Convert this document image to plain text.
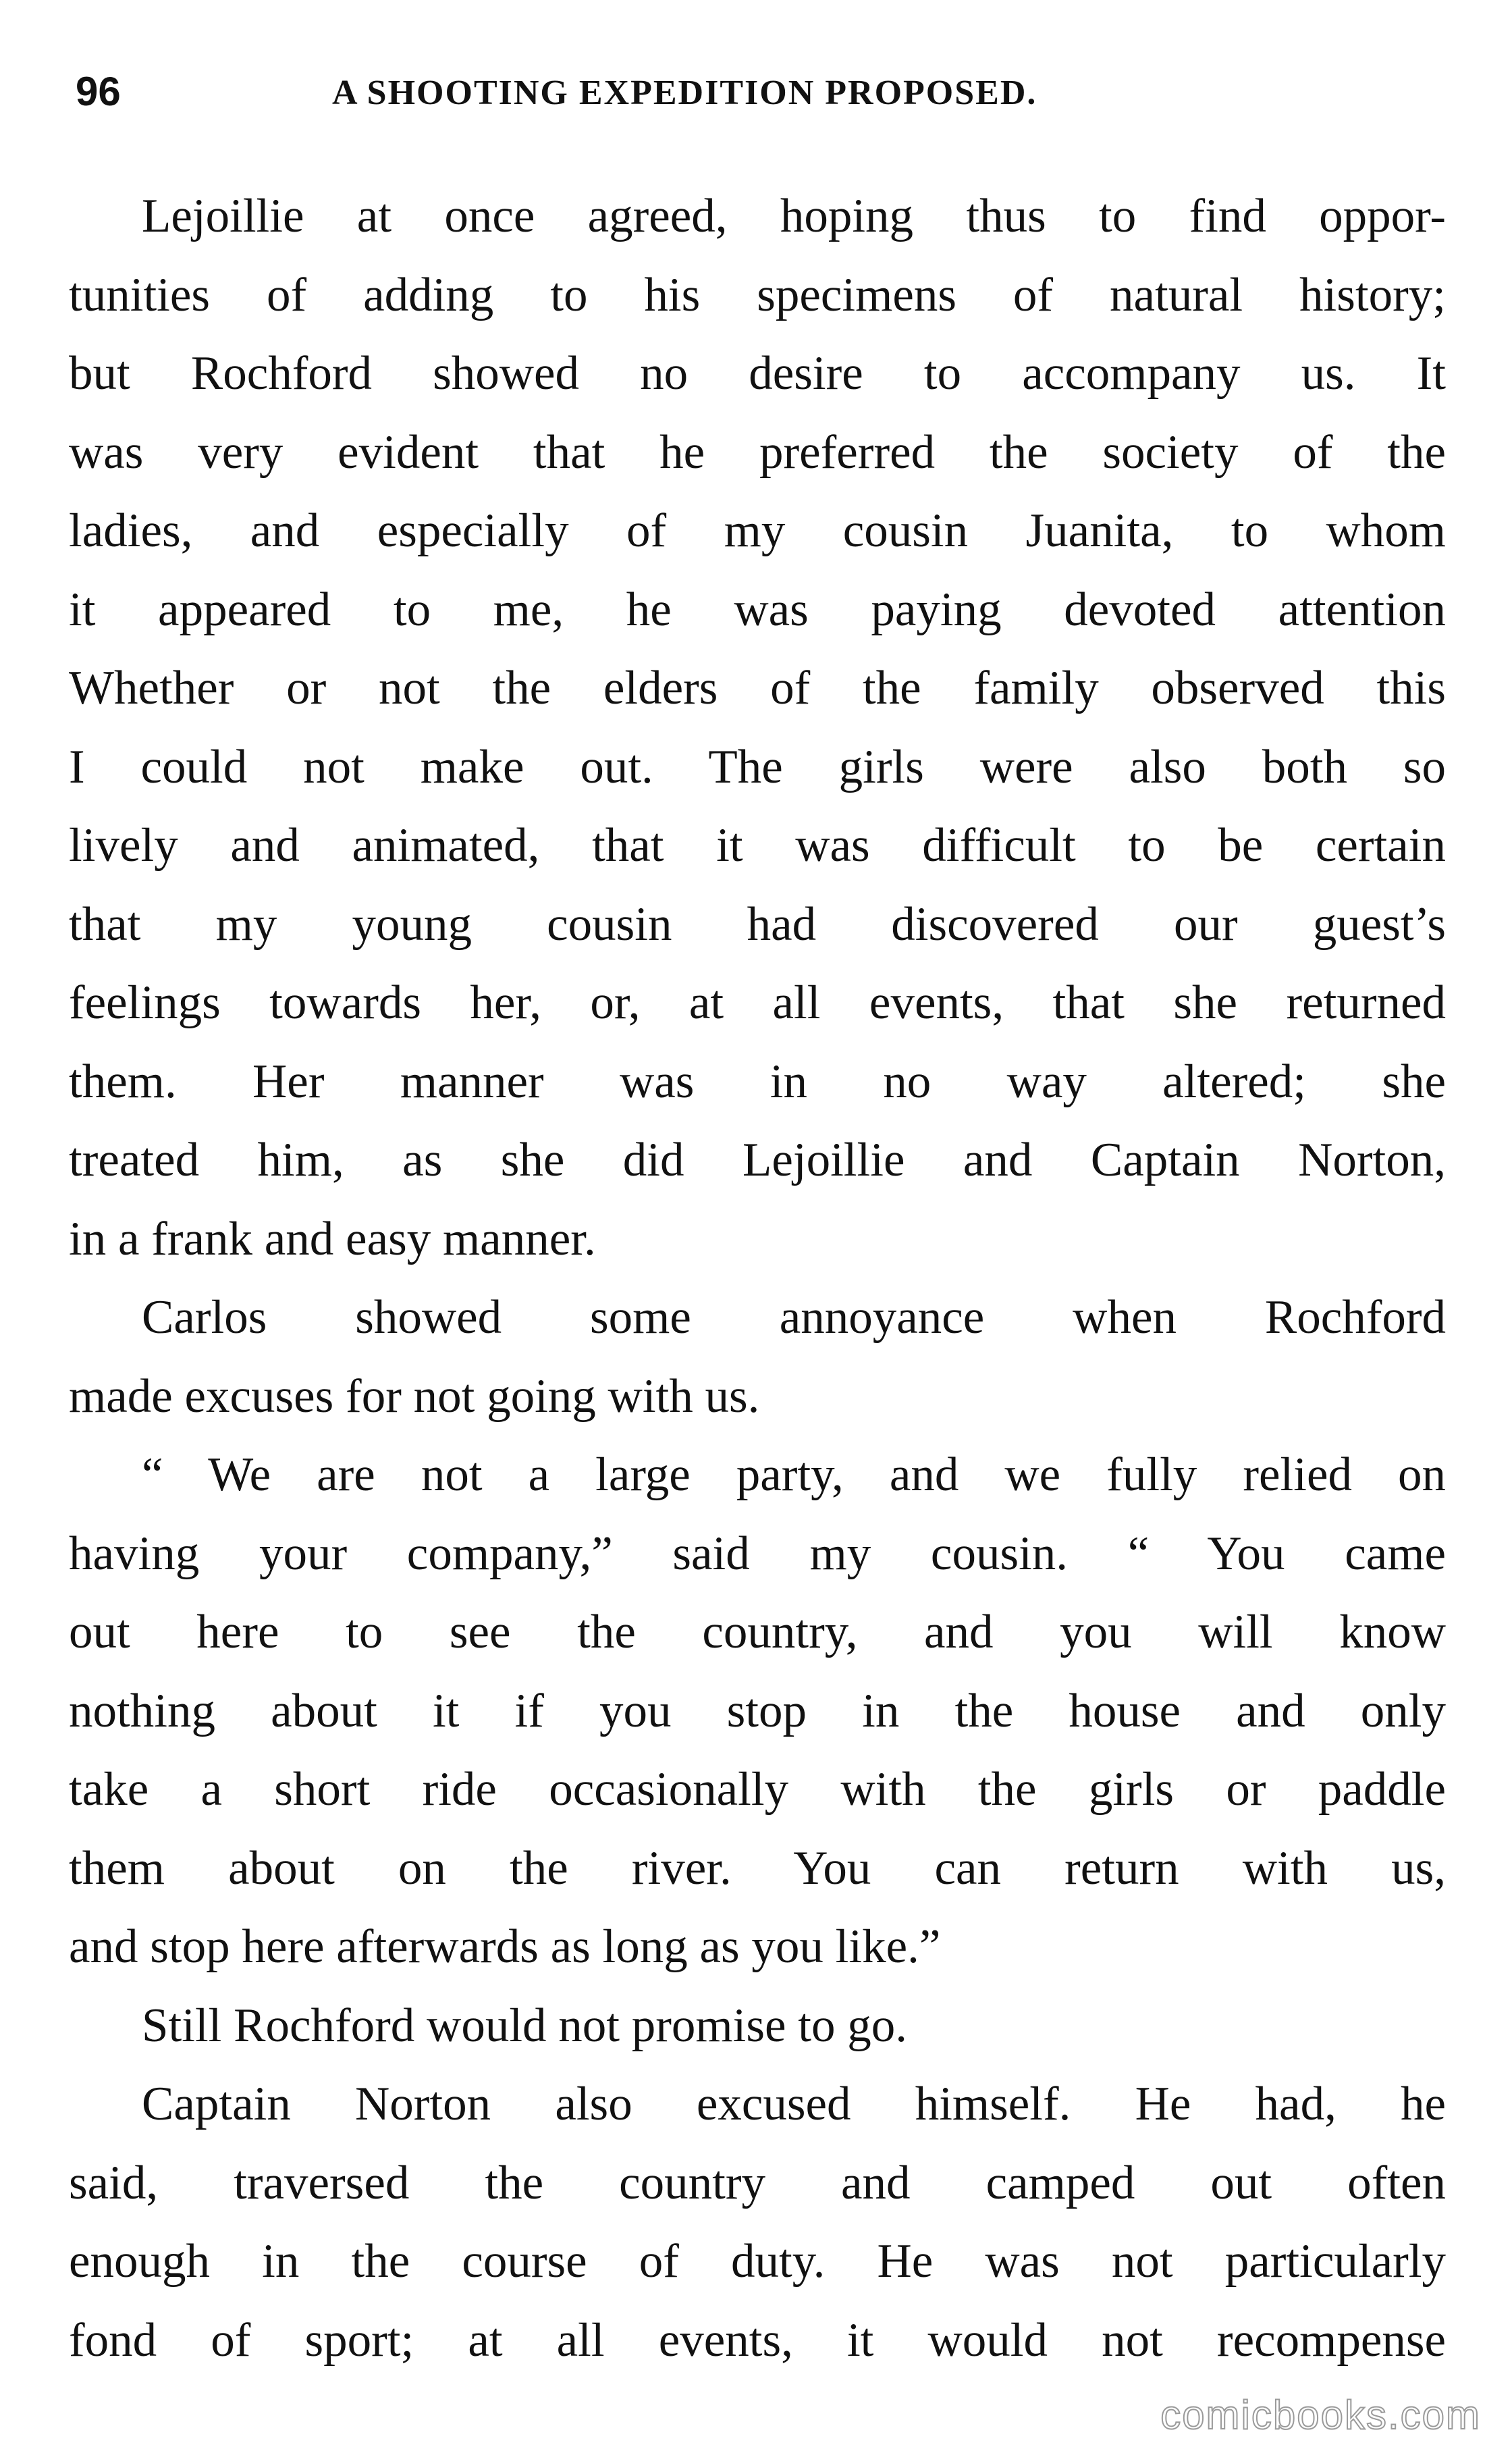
96	A SHOOTING EXPEDITION PROPOSED.
Lejoillie at once agreed, hoping thus to find oppor-
tunities of adding to his specimens of natural history;
but Rochford showed no desire to accompany us. It
was very evident that he preferred the society of the
ladies, and especially of my cousin Juanita, to whom
it appeared to me, he was paying devoted attention
Whether or not the elders of the family observed this
I could not make out. The girls were also both so
lively and animated, that it was difficult to be certain
that my young cousin had discovered our guest’s
feelings towards her, or, at all events, that she returned
them. Her manner was in no way altered; she
treated him, as she did Lejoillie and Captain Norton,
in a frank and easy manner.
Carlos showed some annoyance when Rochford
made excuses for not going with us.
“ We are not a large party, and we fully relied on
having your company,” said my cousin. “ You came
out here to see the country, and you will know
nothing about it if you stop in the house and only
take a short ride occasionally with the girls or paddle
them about on the river. You can return with us,
and stop here afterwards as long as you like.”
Still Rochford would not promise to go.
Captain Norton also excused himself. He had, he
said, traversed the country and camped out often
enough in the course of duty. He was not particularly
fond of sport; at all events, it would not recompense
comicbooks.com
